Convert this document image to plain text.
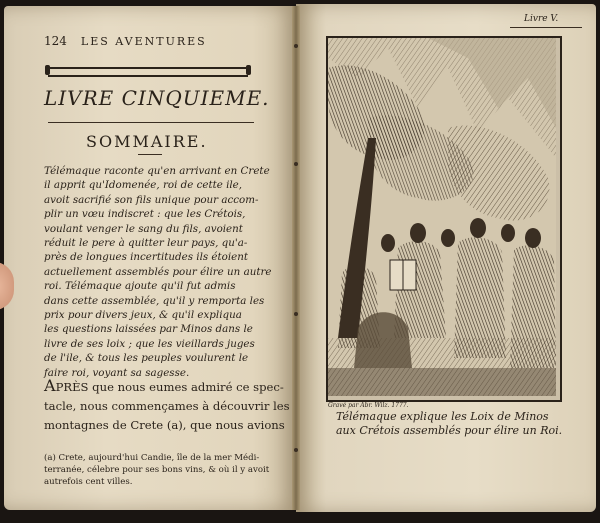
124 LES AVENTURES
LIVRE CINQUIEME.
SOMMAIRE.
Télémaque raconte qu'en arrivant en Crete
il apprit qu'Idomenée, roi de cette ile,
avoit sacrifié son fils unique pour accom-
plir un vœu indiscret : que les Crétois,
voulant venger le sang du fils, avoient
réduit le pere à quitter leur pays, qu'a-
près de longues incertitudes ils étoient
actuellement assemblés pour élire un autre
roi. Télémaque ajoute qu'il fut admis
dans cette assemblée, qu'il y remporta les
prix pour divers jeux, & qu'il expliqua
les questions laissées par Minos dans le
livre de ses loix ; que les vieillards juges
de l'ile, & tous les peuples voulurent le
faire roi, voyant sa sagesse.
APRÈS que nous eumes admiré ce spec-
tacle, nous commençames à découvrir les
montagnes de Crete (a), que nous avions
(a) Crete, aujourd'hui Candie, île de la mer Médi-
terranée, célebre pour ses bons vins, & où il y avoit
autrefois cent villes.
Livre V.
Gravé par Abr. Wilz. 1777.
Télémaque explique les Loix de Minos
aux Crétois assemblés pour élire un Roi.
